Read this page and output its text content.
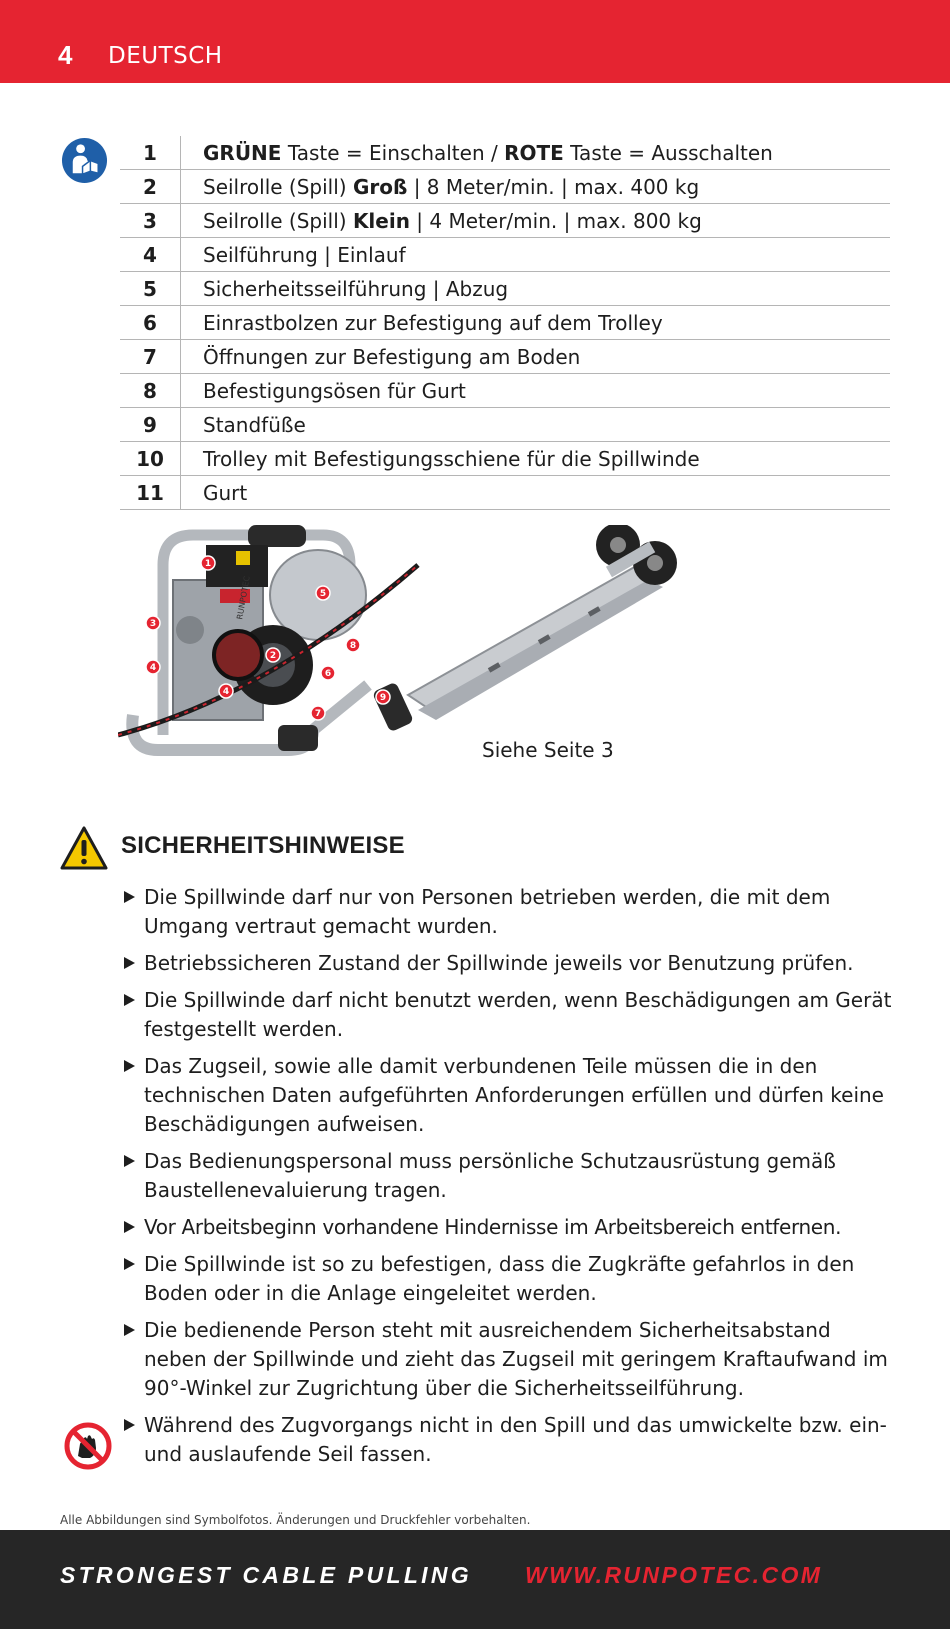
4 DEUTSCH
1	GRÜNE Taste = Einschalten / ROTE Taste = Ausschalten
2	Seilrolle (Spill) Groß | 8 Meter/min. | max. 400 kg
3	Seilrolle (Spill) Klein | 4 Meter/min. | max. 800 kg
4	Seilführung | Einlauf
5	Sicherheitsseilführung | Abzug
6	Einrastbolzen zur Befestigung auf dem Trolley
7	Öffnungen zur Befestigung am Boden
8	Befestigungsösen für Gurt
9	Standfüße
10	Trolley mit Befestigungsschiene für die Spillwinde
11	Gurt
RUNPOTEC
1
2
3
4
4
5
6
7
8
9
Siehe Seite 3
SICHERHEITSHINWEISE
Die Spillwinde darf nur von Personen betrieben werden, die mit dem Umgang vertraut gemacht wurden.
Betriebssicheren Zustand der Spillwinde jeweils vor Benutzung prüfen.
Die Spillwinde darf nicht benutzt werden, wenn Beschädigungen am Gerät festgestellt werden.
Das Zugseil, sowie alle damit verbundenen Teile müssen die in den technischen Daten aufgeführten Anforderungen erfüllen und dürfen keine Beschädigungen aufweisen.
Das Bedienungspersonal muss persönliche Schutzausrüstung gemäß Baustellenevaluierung tragen.
Vor Arbeitsbeginn vorhandene Hindernisse im Arbeitsbereich entfernen.
Die Spillwinde ist so zu befestigen, dass die Zugkräfte gefahrlos in den Boden oder in die Anlage eingeleitet werden.
Die bedienende Person steht mit ausreichendem Sicherheitsabstand neben der Spillwinde und zieht das Zugseil mit geringem Kraftaufwand im 90°-Winkel zur Zugrichtung über die Sicherheitsseilführung.
Während des Zugvorgangs nicht in den Spill und das umwickelte bzw. ein- und auslaufende Seil fassen.
Alle Abbildungen sind Symbolfotos. Änderungen und Druckfehler vorbehalten.
STRONGEST CABLE PULLING WWW.RUNPOTEC.COM
